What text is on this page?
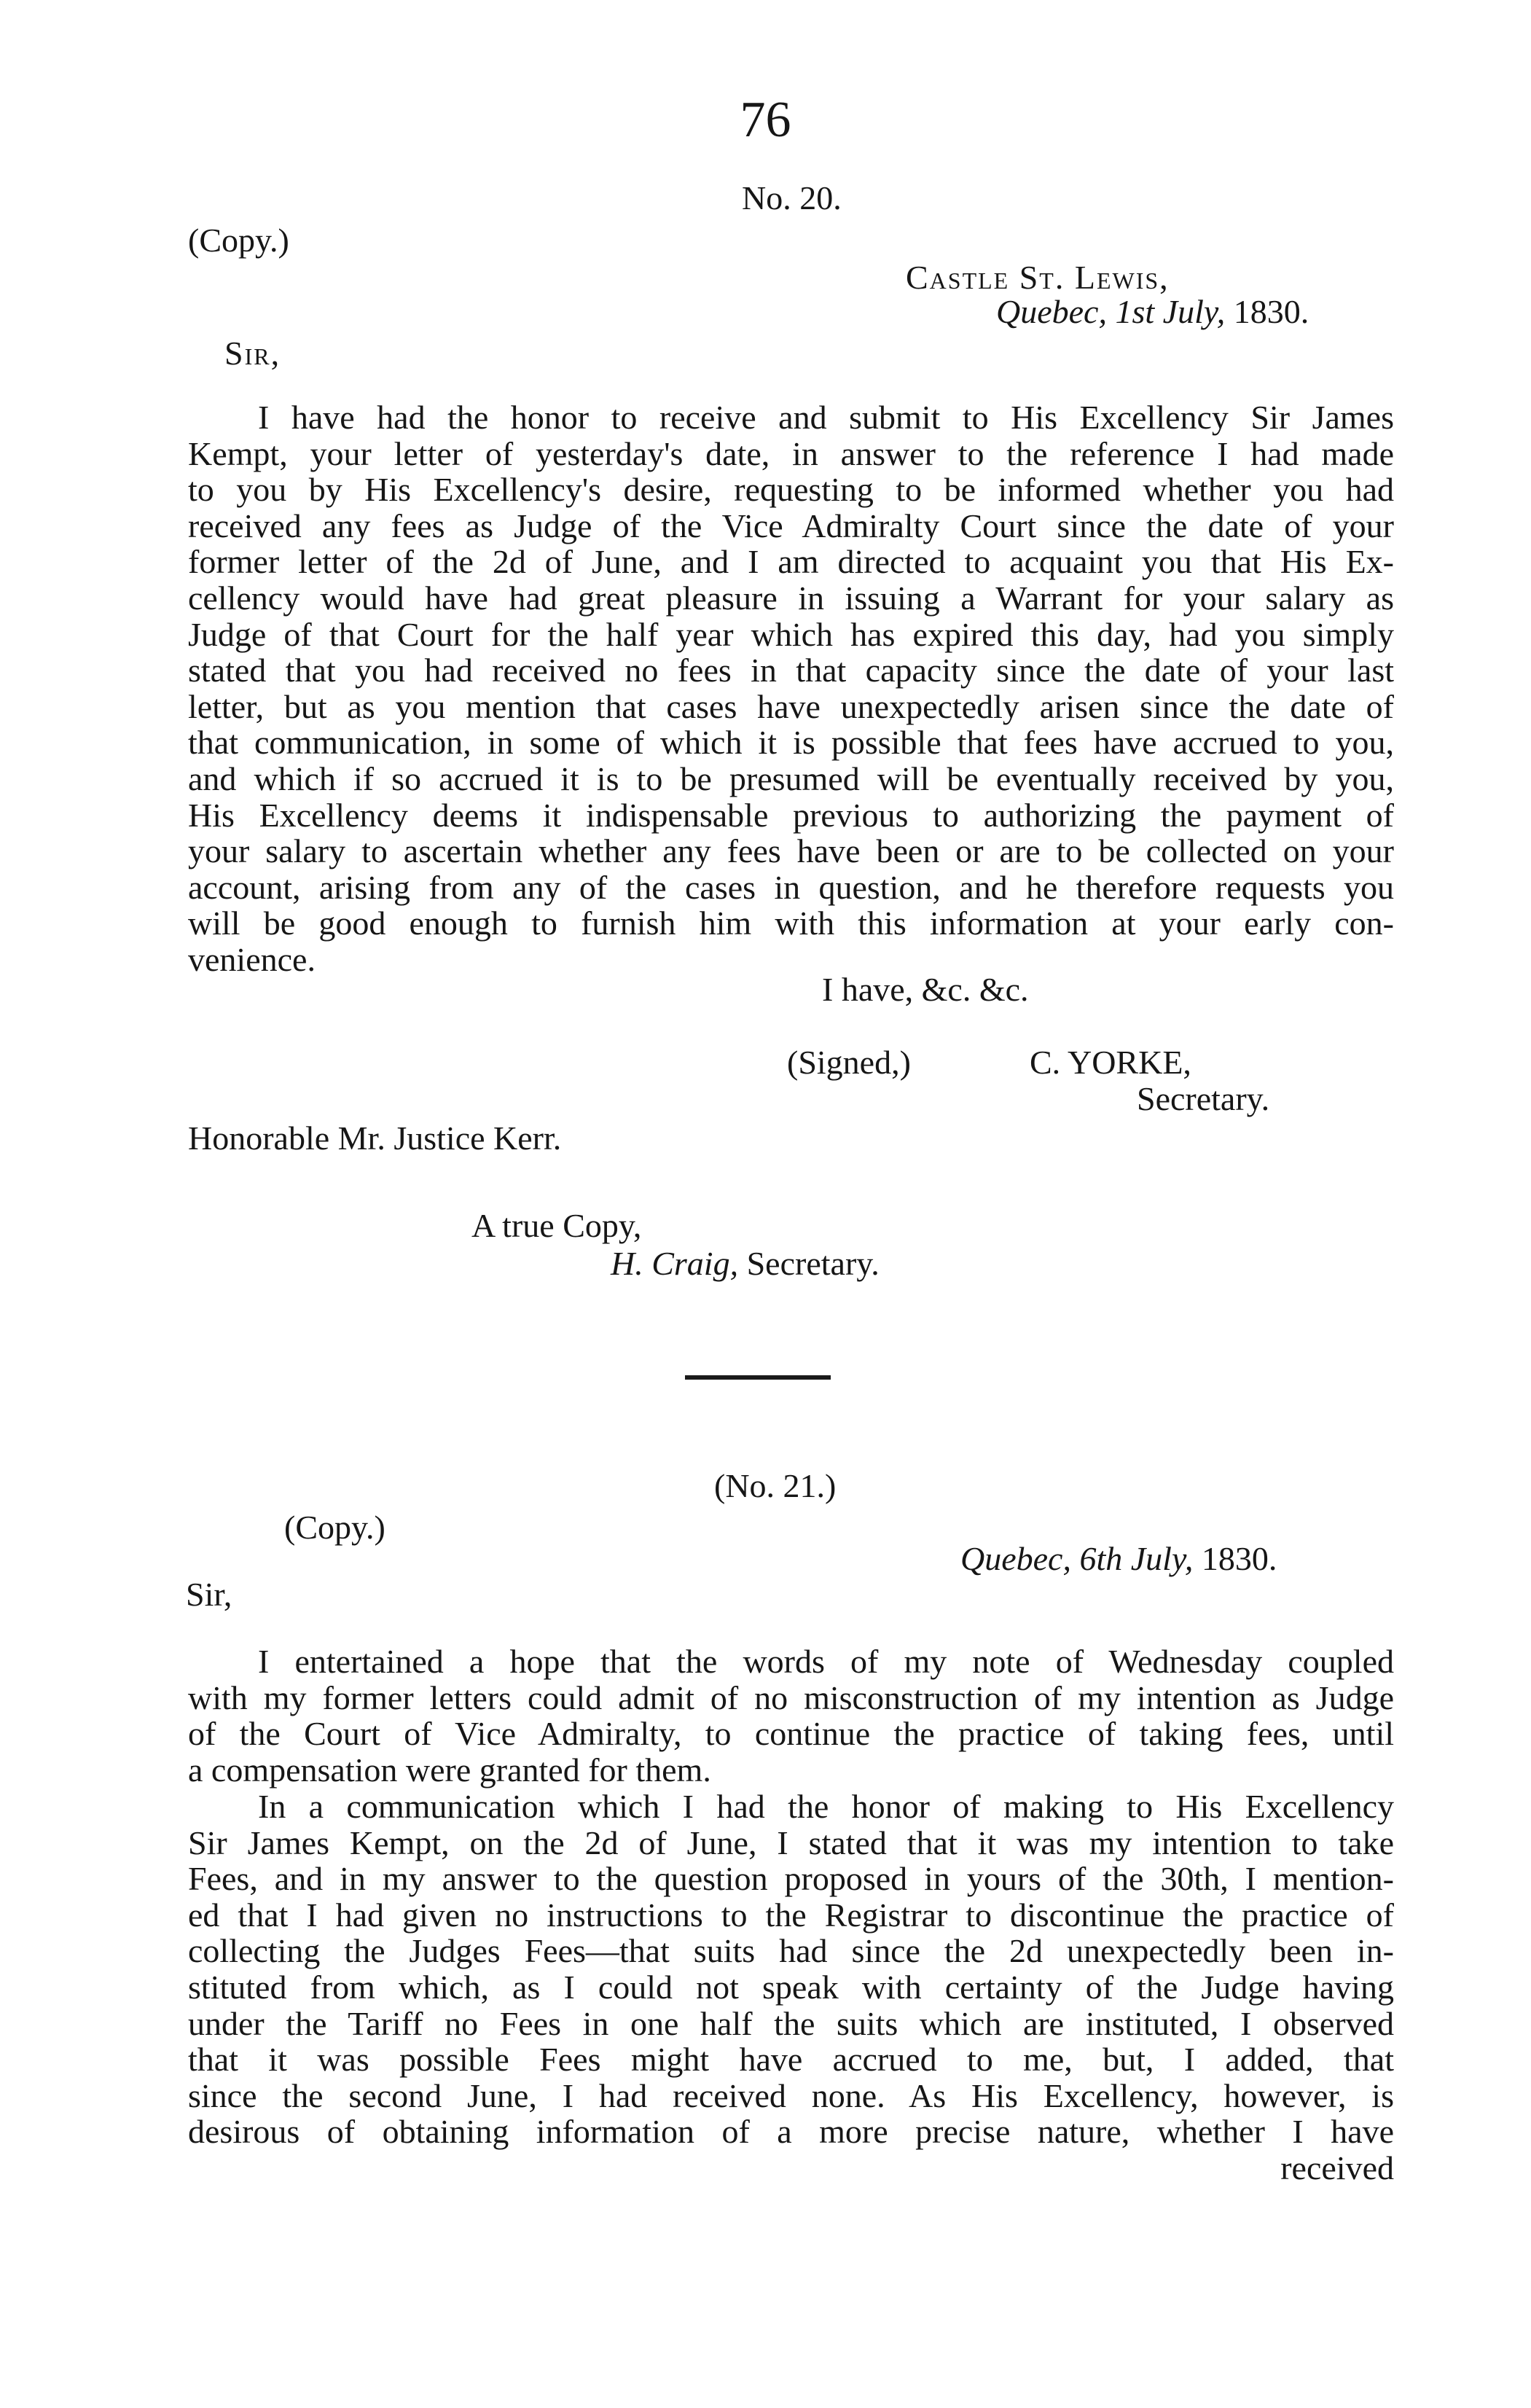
76
No. 20.
(Copy.)
Castle St. Lewis,
Quebec, 1st July, 1830.
Sir,
I have had the honor to receive and submit to His Excellency Sir James
Kempt, your letter of yesterday's date, in answer to the reference I had made
to you by His Excellency's desire, requesting to be informed whether you had
received any fees as Judge of the Vice Admiralty Court since the date of your
former letter of the 2d of June, and I am directed to acquaint you that His Ex-
cellency would have had great pleasure in issuing a Warrant for your salary as
Judge of that Court for the half year which has expired this day, had you simply
stated that you had received no fees in that capacity since the date of your last
letter, but as you mention that cases have unexpectedly arisen since the date of
that communication, in some of which it is possible that fees have accrued to you,
and which if so accrued it is to be presumed will be eventually received by you,
His Excellency deems it indispensable previous to authorizing the payment of
your salary to ascertain whether any fees have been or are to be collected on your
account, arising from any of the cases in question, and he therefore requests you
will be good enough to furnish him with this information at your early con-
venience.
I have, &c. &c.
(Signed,)	C. YORKE,
Secretary.
Honorable Mr. Justice Kerr.
A true Copy,
H. Craig, Secretary.
(No. 21.)
(Copy.)
Quebec, 6th July, 1830.
Sir,
I entertained a hope that the words of my note of Wednesday coupled
with my former letters could admit of no misconstruction of my intention as Judge
of the Court of Vice Admiralty, to continue the practice of taking fees, until
a compensation were granted for them.
In a communication which I had the honor of making to His Excellency
Sir James Kempt, on the 2d of June, I stated that it was my intention to take
Fees, and in my answer to the question proposed in yours of the 30th, I mention-
ed that I had given no instructions to the Registrar to discontinue the practice of
collecting the Judges Fees—that suits had since the 2d unexpectedly been in-
stituted from which, as I could not speak with certainty of the Judge having
under the Tariff no Fees in one half the suits which are instituted, I observed
that it was possible Fees might have accrued to me, but, I added, that
since the second June, I had received none. As His Excellency, however, is
desirous of obtaining information of a more precise nature, whether I have
received
